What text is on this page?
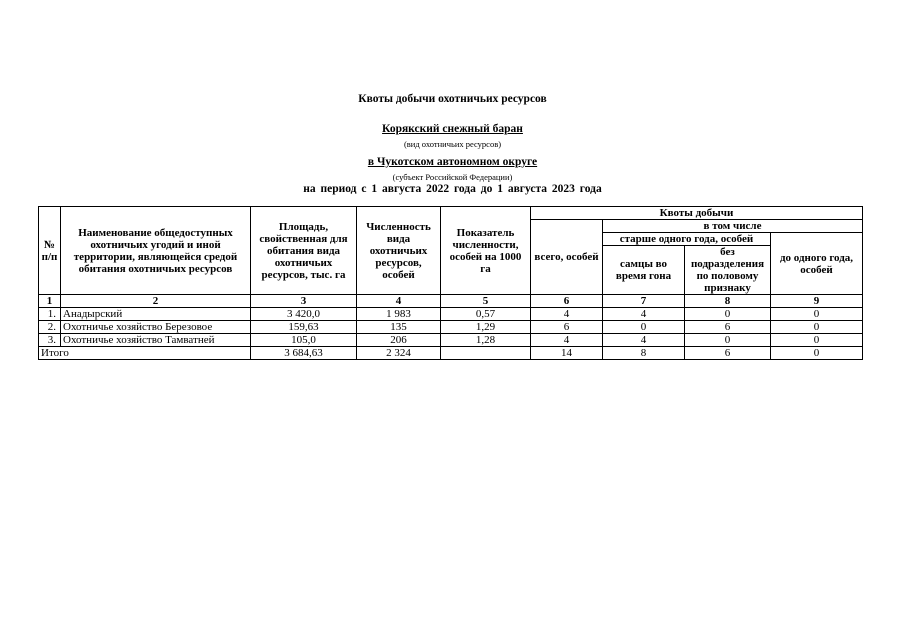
Квоты добычи охотничьих ресурсов
Корякский снежный баран
(вид охотничьих ресурсов)
в Чукотском автономном округе
(субъект Российской Федерации)
на период с 1 августа 2022 года до 1 августа 2023 года
№ п/п	Наименование общедоступных охотничьих угодий и иной территории, являющейся средой обитания охотничьих ресурсов	Площадь, свойственная для обитания вида охотничьих ресурсов, тыс. га	Численность вида охотничьих ресурсов, особей	Показатель численности, особей на 1000 га	Квоты добычи			
					всего, особей	в том числе		
						старше одного года, особей		до одного года, особей
						самцы во время гона	без подразделения по половому признаку	
1	2	3	4	5	6	7	8	9
1.	Анадырский	3 420,0	1 983	0,57	4	4	0	0
2.	Охотничье хозяйство Березовое	159,63	135	1,29	6	0	6	0
3.	Охотничье хозяйство Тамватней	105,0	206	1,28	4	4	0	0
Итого		3 684,63	2 324		14	8	6	0
